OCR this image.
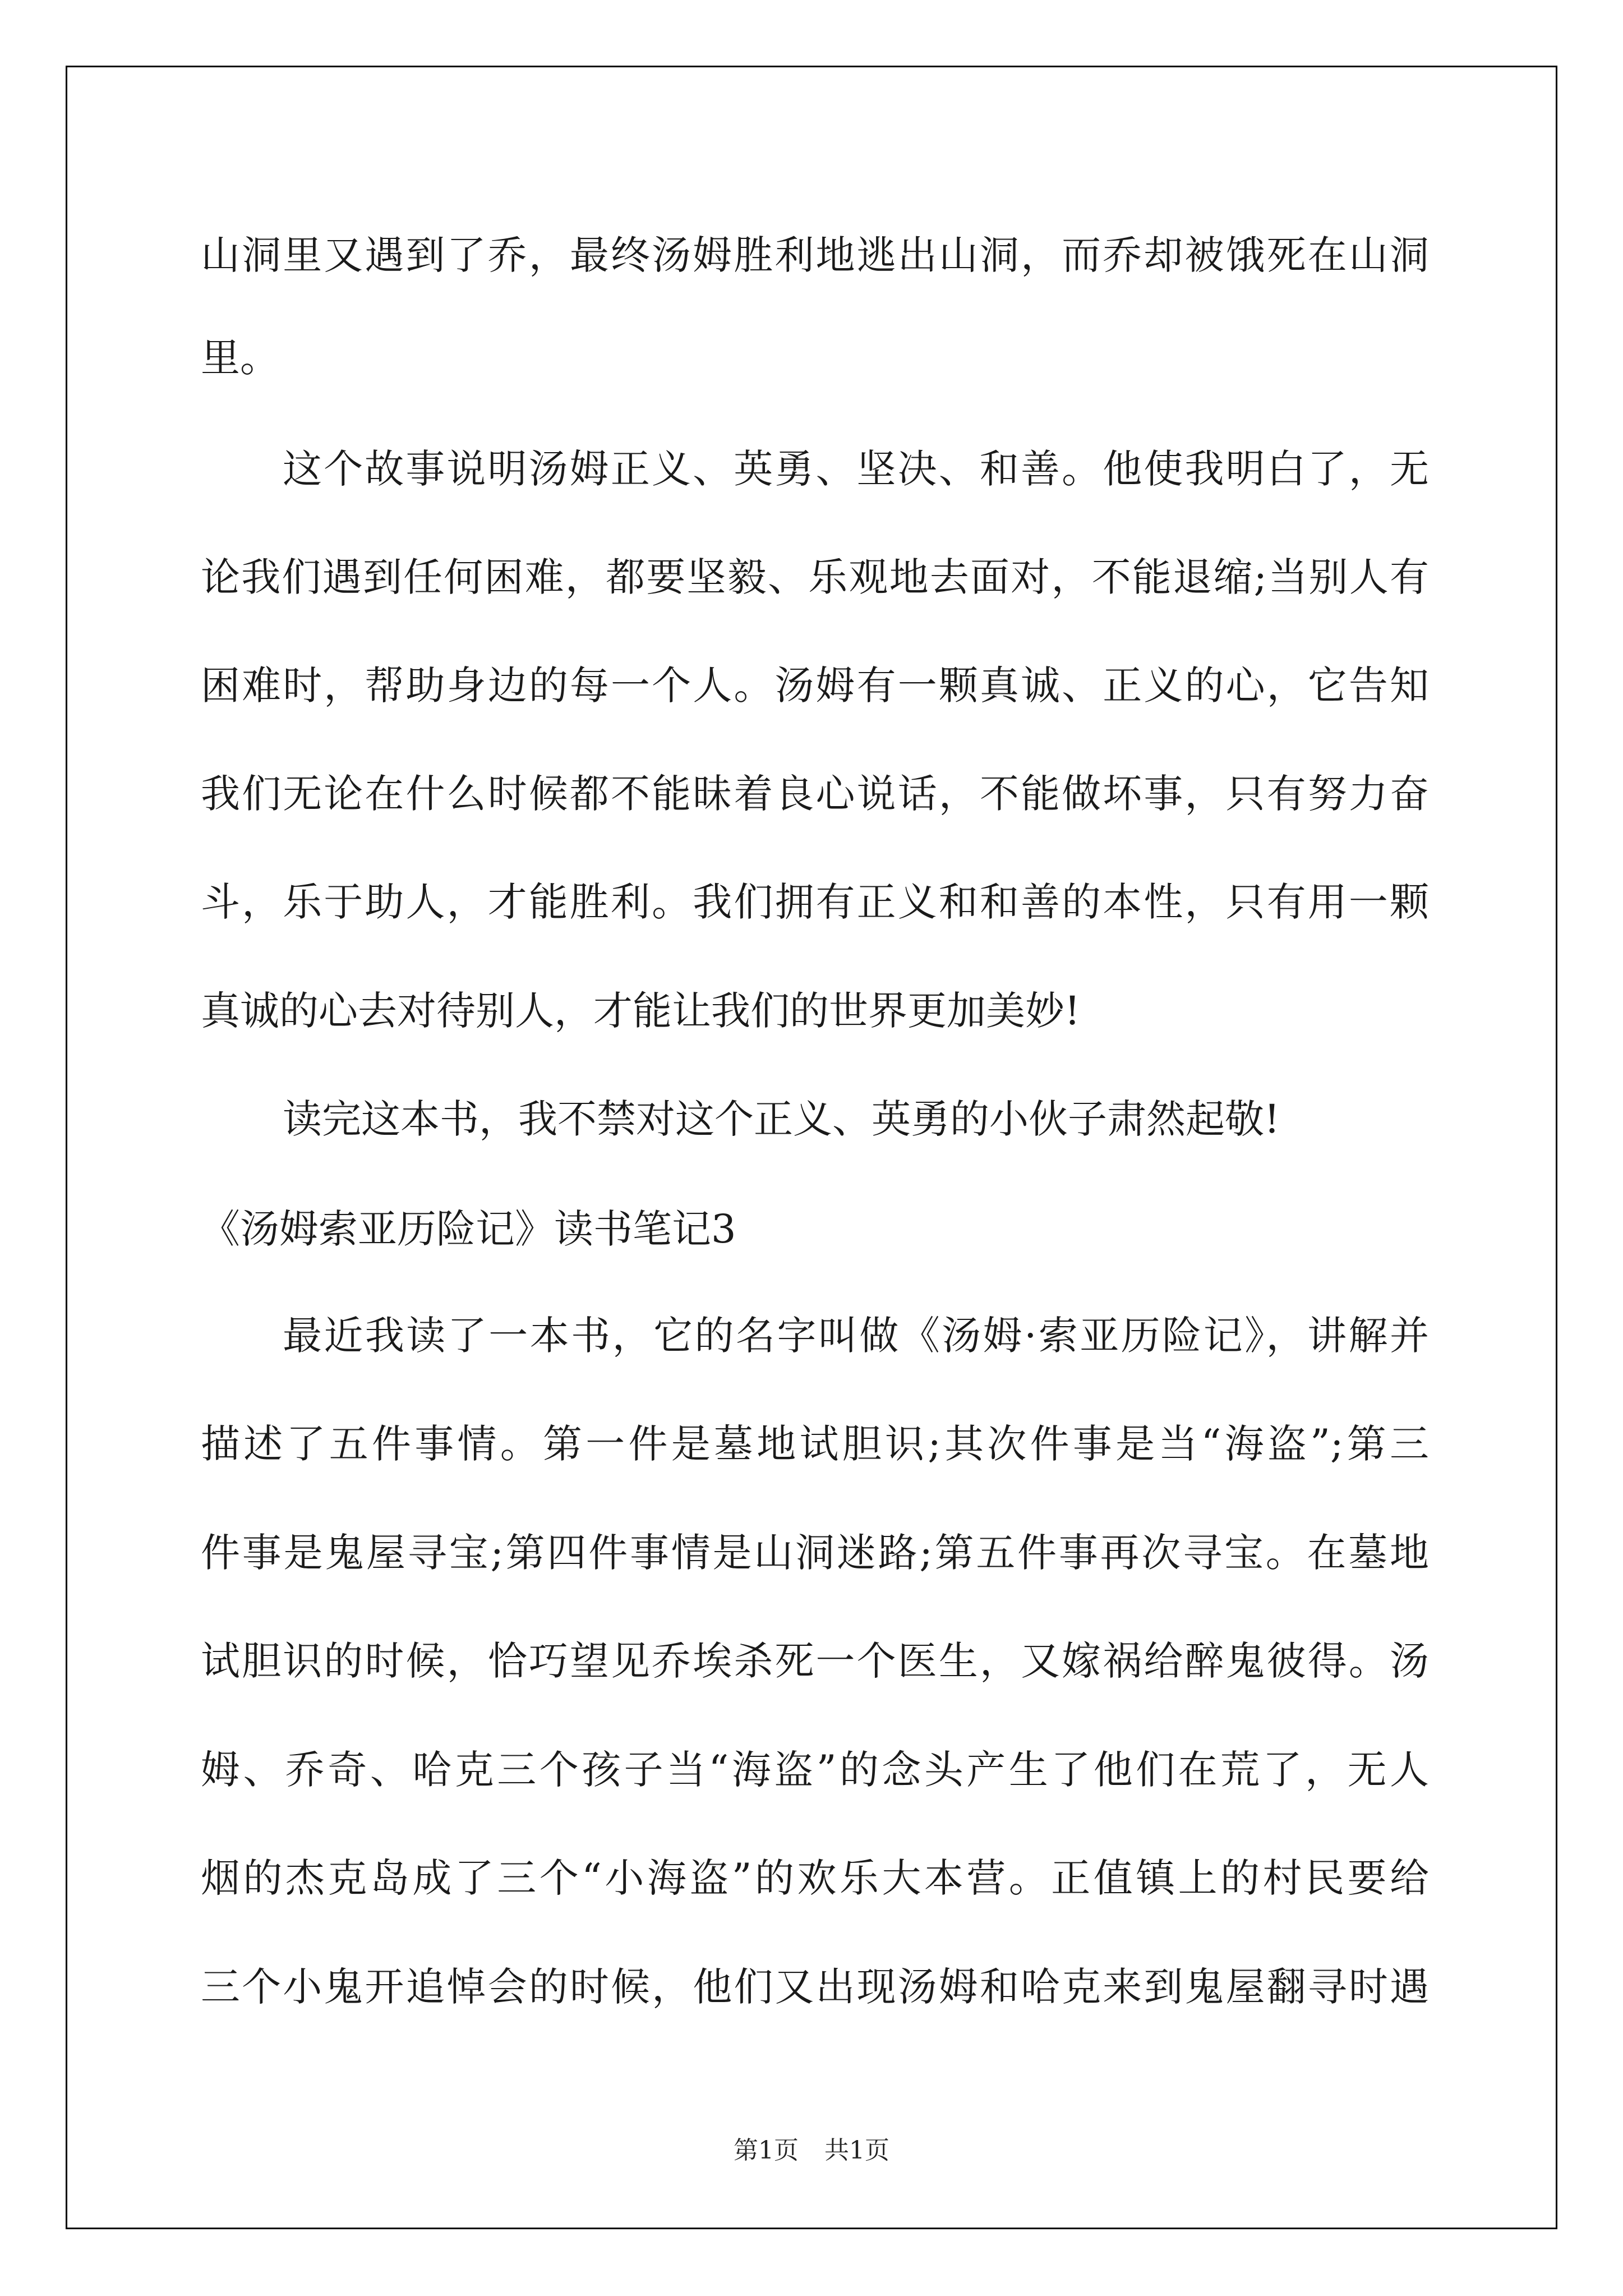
山洞里又遇到了乔，最终汤姆胜利地逃出山洞，而乔却被饿死在山洞
里。
这个故事说明汤姆正义、英勇、坚决、和善。他使我明白了，无
论我们遇到任何困难，都要坚毅、乐观地去面对，不能退缩;当别人有
困难时，帮助身边的每一个人。汤姆有一颗真诚、正义的心，它告知
我们无论在什么时候都不能昧着良心说话，不能做坏事，只有努力奋
斗，乐于助人，才能胜利。我们拥有正义和和善的本性，只有用一颗
真诚的心去对待别人，才能让我们的世界更加美妙!
读完这本书，我不禁对这个正义、英勇的小伙子肃然起敬!
《汤姆索亚历险记》读书笔记3
最近我读了一本书，它的名字叫做《汤姆·索亚历险记》，讲解并
描述了五件事情。第一件是墓地试胆识;其次件事是当“海盗”;第三
件事是鬼屋寻宝;第四件事情是山洞迷路;第五件事再次寻宝。在墓地
试胆识的时候，恰巧望见乔埃杀死一个医生，又嫁祸给醉鬼彼得。汤
姆、乔奇、哈克三个孩子当“海盗”的念头产生了他们在荒了，无人
烟的杰克岛成了三个“小海盗”的欢乐大本营。正值镇上的村民要给
三个小鬼开追悼会的时候，他们又出现汤姆和哈克来到鬼屋翻寻时遇
第1页 共1页
